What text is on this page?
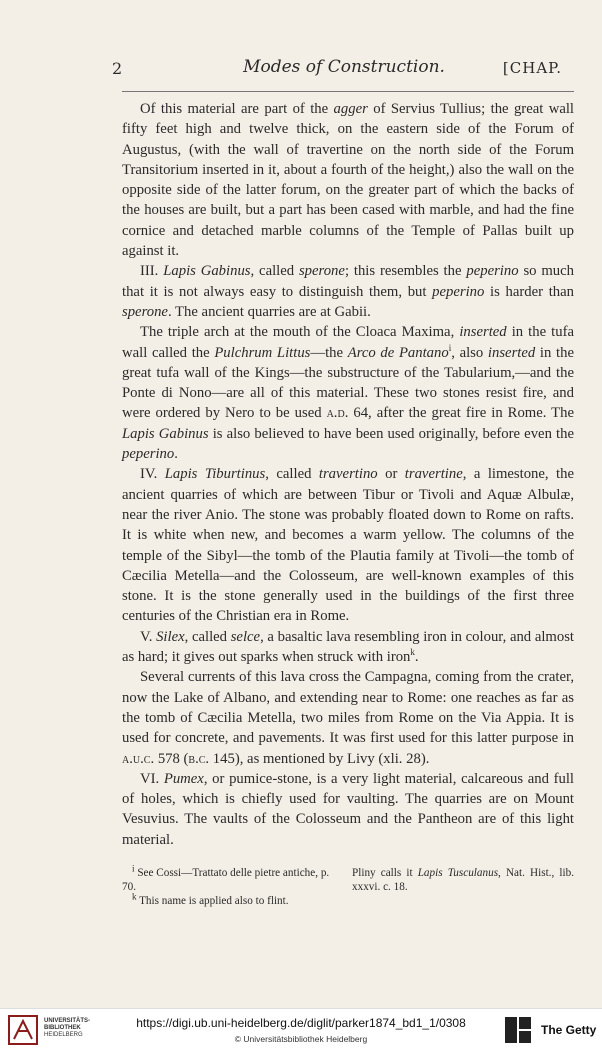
2	Modes of Construction.	[CHAP.

Of this material are part of the agger of Servius Tullius; the great wall fifty feet high and twelve thick, on the eastern side of the Forum of Augustus, (with the wall of travertine on the north side of the Forum Transitorium inserted in it, about a fourth of the height,) also the wall on the opposite side of the latter forum, on the greater part of which the backs of the houses are built, but a part has been cased with marble, and had the fine cornice and detached marble columns of the Temple of Pallas built up against it.

III. Lapis Gabinus, called sperone; this resembles the peperino so much that it is not always easy to distinguish them, but peperino is harder than sperone. The ancient quarries are at Gabii.

The triple arch at the mouth of the Cloaca Maxima, inserted in the tufa wall called the Pulchrum Littus—the Arco de Pantano$^i$, also inserted in the great tufa wall of the Kings—the substructure of the Tabularium,—and the Ponte di Nono—are all of this material. These two stones resist fire, and were ordered by Nero to be used a.d. 64, after the great fire in Rome. The Lapis Gabinus is also believed to have been used originally, before even the peperino.

IV. Lapis Tiburtinus, called travertino or travertine, a limestone, the ancient quarries of which are between Tibur or Tivoli and Aquæ Albulæ, near the river Anio. The stone was probably floated down to Rome on rafts. It is white when new, and becomes a warm yellow. The columns of the temple of the Sibyl—the tomb of the Plautia family at Tivoli—the tomb of Cæcilia Metella—and the Colosseum, are well-known examples of this stone. It is the stone generally used in the buildings of the first three centuries of the Christian era in Rome.

V. Silex, called selce, a basaltic lava resembling iron in colour, and almost as hard; it gives out sparks when struck with iron$^k$.

Several currents of this lava cross the Campagna, coming from the crater, now the Lake of Albano, and extending near to Rome: one reaches as far as the tomb of Cæcilia Metella, two miles from Rome on the Via Appia. It is used for concrete, and pavements. It was first used for this latter purpose in a.u.c. 578 (b.c. 145), as mentioned by Livy (xli. 28).

VI. Pumex, or pumice-stone, is a very light material, calcareous and full of holes, which is chiefly used for vaulting. The quarries are on Mount Vesuvius. The vaults of the Colosseum and the Pantheon are of this light material.

$^i$ See Cossi—Trattato delle pietre antiche, p. 70.
Pliny calls it Lapis Tusculanus, Nat. Hist., lib. xxxvi. c. 18.
$^k$ This name is applied also to flint.
UNIVERSITÄTS-
BIBLIOTHEK
HEIDELBERG
https://digi.ub.uni-heidelberg.de/diglit/parker1874_bd1_1/0308
© Universitätsbibliothek Heidelberg
The Getty
